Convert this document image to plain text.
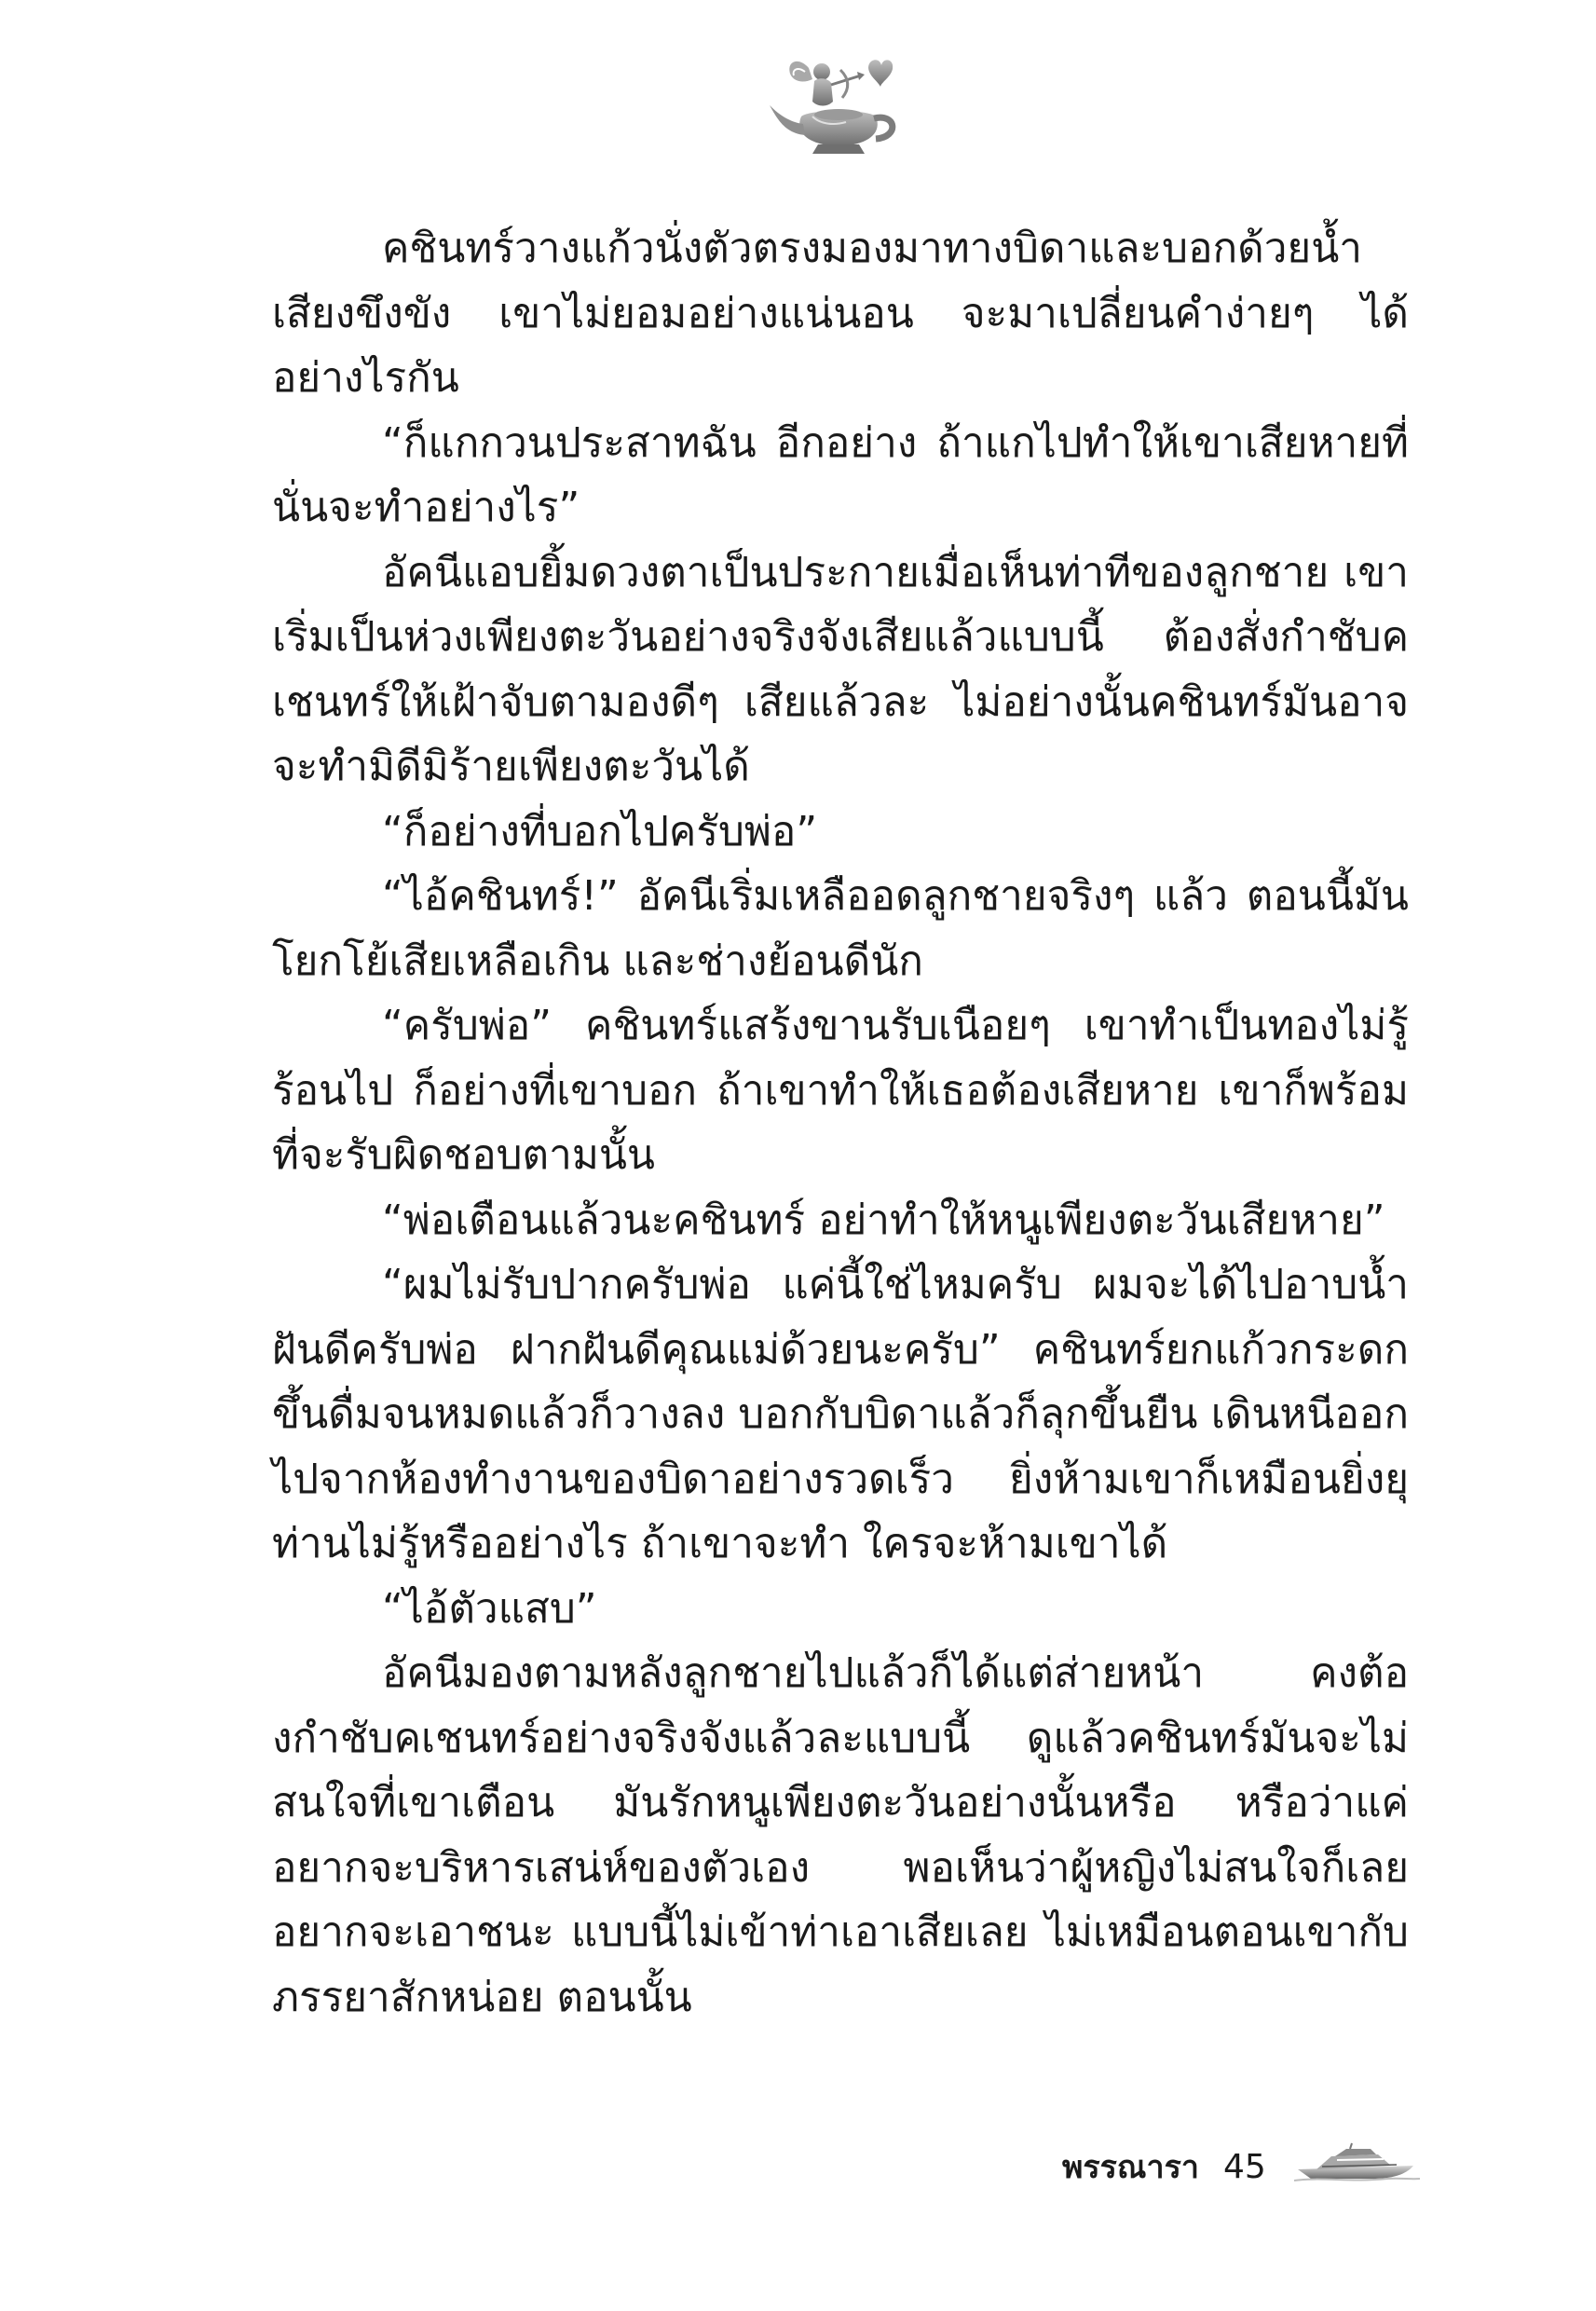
คชินทร์วางแก้วนั่งตัวตรงมองมาทางบิดาและบอกด้วยน้ำเสียงขึงขัง เขาไม่ยอมอย่างแน่นอน จะมาเปลี่ยนคำง่ายๆ ได้อย่างไรกัน

“ก็แกกวนประสาทฉัน อีกอย่าง ถ้าแกไปทำให้เขาเสียหายที่นั่นจะทำอย่างไร”

อัคนีแอบยิ้มดวงตาเป็นประกายเมื่อเห็นท่าทีของลูกชาย เขาเริ่มเป็นห่วงเพียงตะวันอย่างจริงจังเสียแล้วแบบนี้ ต้องสั่งกำชับคเชนทร์ให้เฝ้าจับตามองดีๆ เสียแล้วละ ไม่อย่างนั้นคชินทร์มันอาจจะทำมิดีมิร้ายเพียงตะวันได้

“ก็อย่างที่บอกไปครับพ่อ”

“ไอ้คชินทร์!” อัคนีเริ่มเหลืออดลูกชายจริงๆ แล้ว ตอนนี้มันโยกโย้เสียเหลือเกิน และช่างย้อนดีนัก

“ครับพ่อ” คชินทร์แสร้งขานรับเนือยๆ เขาทำเป็นทองไม่รู้ร้อนไป ก็อย่างที่เขาบอก ถ้าเขาทำให้เธอต้องเสียหาย เขาก็พร้อมที่จะรับผิดชอบตามนั้น

“พ่อเตือนแล้วนะคชินทร์ อย่าทำให้หนูเพียงตะวันเสียหาย”

“ผมไม่รับปากครับพ่อ แค่นี้ใช่ไหมครับ ผมจะได้ไปอาบน้ำฝันดีครับพ่อ ฝากฝันดีคุณแม่ด้วยนะครับ” คชินทร์ยกแก้วกระดกขึ้นดื่มจนหมดแล้วก็วางลง บอกกับบิดาแล้วก็ลุกขึ้นยืน เดินหนีออกไปจากห้องทำงานของบิดาอย่างรวดเร็ว ยิ่งห้ามเขาก็เหมือนยิ่งยุ ท่านไม่รู้หรืออย่างไร ถ้าเขาจะทำ ใครจะห้ามเขาได้

“ไอ้ตัวแสบ”

อัคนีมองตามหลังลูกชายไปแล้วก็ได้แต่ส่ายหน้า คงต้องกำชับคเชนทร์อย่างจริงจังแล้วละแบบนี้ ดูแล้วคชินทร์มันจะไม่สนใจที่เขาเตือน มันรักหนูเพียงตะวันอย่างนั้นหรือ หรือว่าแค่อยากจะบริหารเสน่ห์ของตัวเอง พอเห็นว่าผู้หญิงไม่สนใจก็เลยอยากจะเอาชนะ แบบนี้ไม่เข้าท่าเอาเสียเลย ไม่เหมือนตอนเขากับภรรยาสักหน่อย ตอนนั้น

พรรณารา 45
